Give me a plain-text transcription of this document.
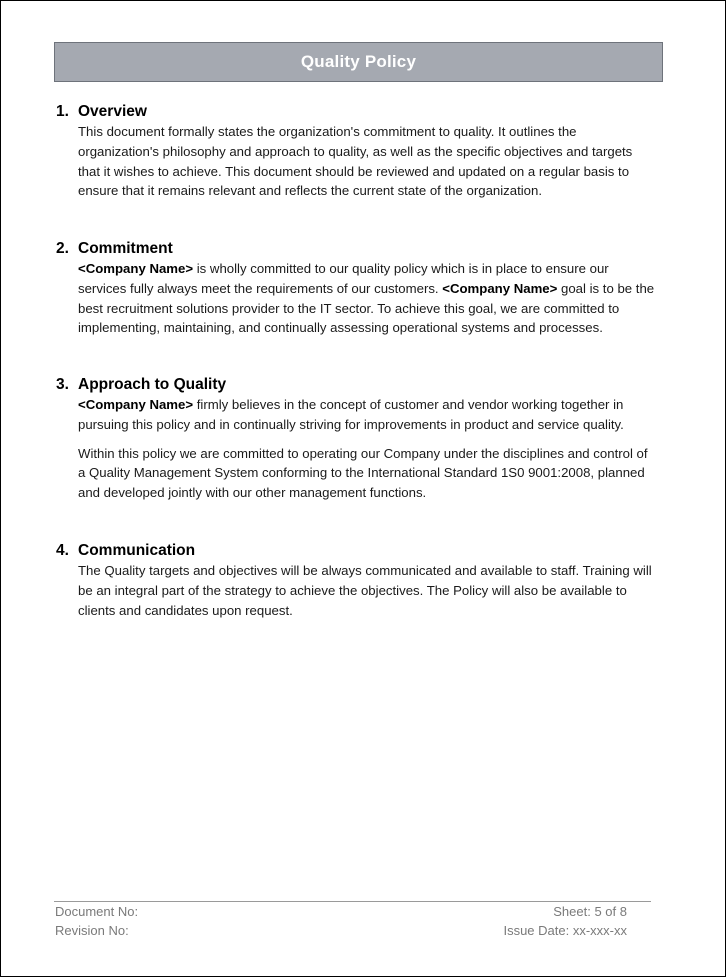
Quality Policy
1. Overview
This document formally states the organization's commitment to quality. It outlines the organization's philosophy and approach to quality, as well as the specific objectives and targets that it wishes to achieve. This document should be reviewed and updated on a regular basis to ensure that it remains relevant and reflects the current state of the organization.
2. Commitment
<Company Name> is wholly committed to our quality policy which is in place to ensure our services fully always meet the requirements of our customers. <Company Name> goal is to be the best recruitment solutions provider to the IT sector. To achieve this goal, we are committed to implementing, maintaining, and continually assessing operational systems and processes.
3. Approach to Quality
<Company Name> firmly believes in the concept of customer and vendor working together in pursuing this policy and in continually striving for improvements in product and service quality.
Within this policy we are committed to operating our Company under the disciplines and control of a Quality Management System conforming to the International Standard 1S0 9001:2008, planned and developed jointly with our other management functions.
4. Communication
The Quality targets and objectives will be always communicated and available to staff. Training will be an integral part of the strategy to achieve the objectives. The Policy will also be available to clients and candidates upon request.
Document No:	Sheet: 5 of 8
Revision No:	Issue Date: xx-xxx-xx
